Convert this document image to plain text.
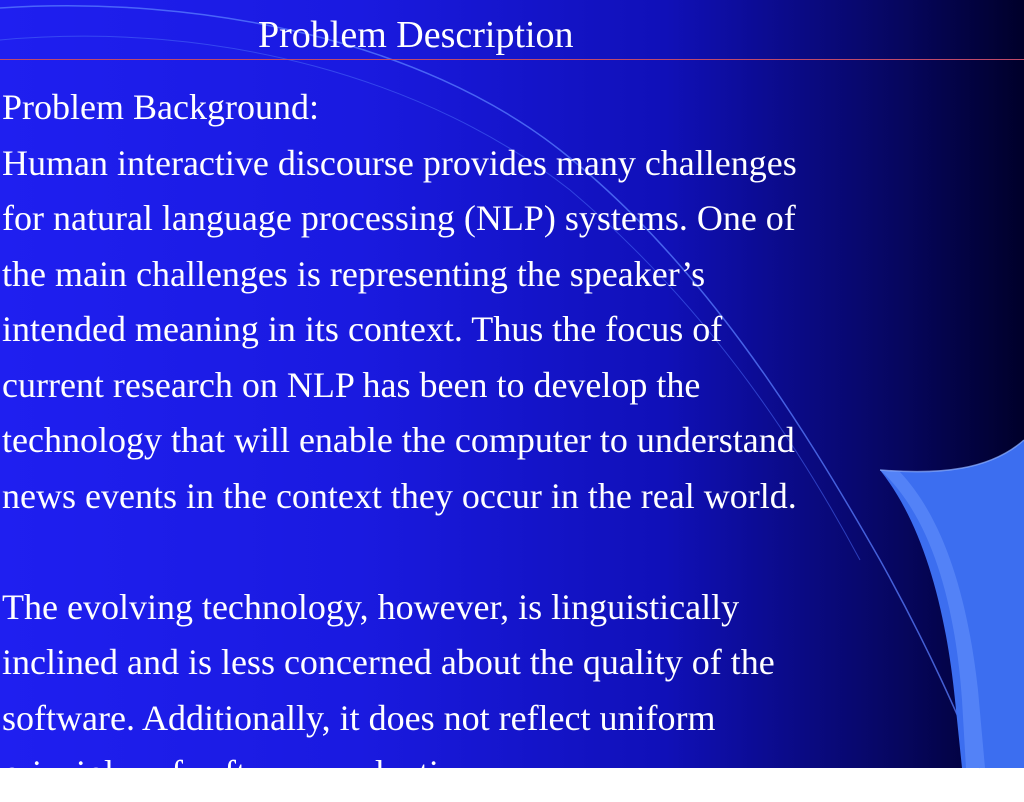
Problem Description
Problem Background:
Human interactive discourse provides many challenges
for natural language processing (NLP) systems. One of
the main challenges is representing the speaker’s
intended meaning in its context. Thus the focus of
current research on NLP has been to develop the
technology that will enable the computer to understand
news events in the context they occur in the real world.
The evolving technology, however, is linguistically
inclined and is less concerned about the quality of the
software. Additionally, it does not reflect uniform
principles of software evaluation.
